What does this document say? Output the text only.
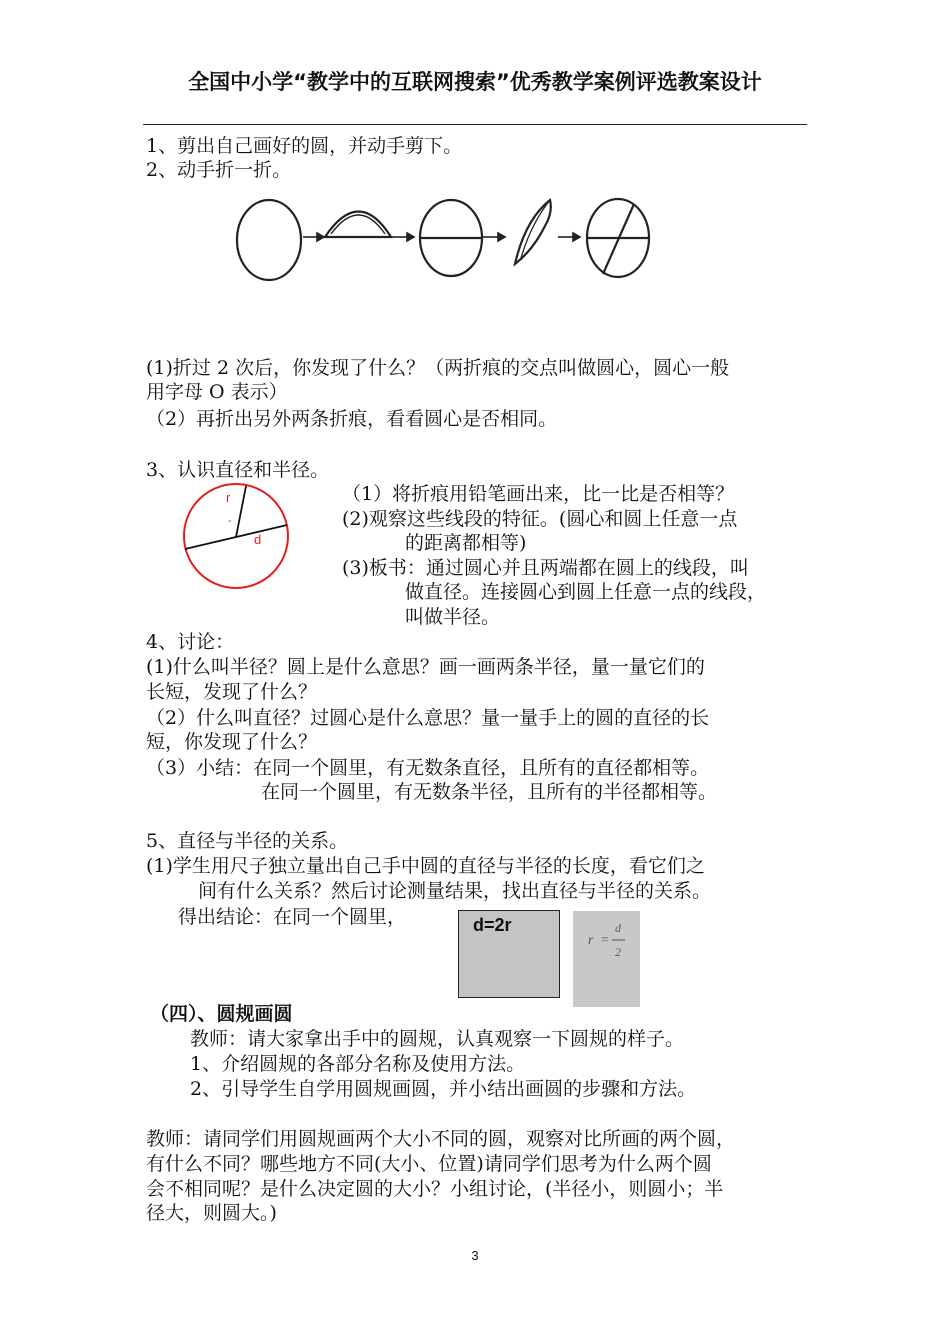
全国中小学“教学中的互联网搜索”优秀教学案例评选教案设计
1、剪出自己画好的圆，并动手剪下。
2、动手折一折。
(1)折过 2 次后，你发现了什么？（两折痕的交点叫做圆心，圆心一般
用字母 O 表示）
（2）再折出另外两条折痕，看看圆心是否相同。
3、认识直径和半径。
r
-
d
（1）将折痕用铅笔画出来，比一比是否相等？
(2)观察这些线段的特征。(圆心和圆上任意一点
的距离都相等)
(3)板书：通过圆心并且两端都在圆上的线段，叫
做直径。连接圆心到圆上任意一点的线段，
叫做半径。
4、讨论：
(1)什么叫半径？圆上是什么意思？画一画两条半径，量一量它们的
长短，发现了什么？
（2）什么叫直径？过圆心是什么意思？量一量手上的圆的直径的长
短，你发现了什么？
（3）小结：在同一个圆里，有无数条直径，且所有的直径都相等。
在同一个圆里，有无数条半径，且所有的半径都相等。
5、直径与半径的关系。
(1)学生用尺子独立量出自己手中圆的直径与半径的长度，看它们之
间有什么关系？然后讨论测量结果，找出直径与半径的关系。
得出结论：在同一个圆里，	d=2r
r =
d
2
（四）、圆规画圆
教师：请大家拿出手中的圆规，认真观察一下圆规的样子。
1、介绍圆规的各部分名称及使用方法。
2、引导学生自学用圆规画圆，并小结出画圆的步骤和方法。
教师：请同学们用圆规画两个大小不同的圆，观察对比所画的两个圆，
有什么不同？哪些地方不同(大小、位置)请同学们思考为什么两个圆
会不相同呢？是什么决定圆的大小？小组讨论，(半径小，则圆小；半
径大，则圆大。)
3
